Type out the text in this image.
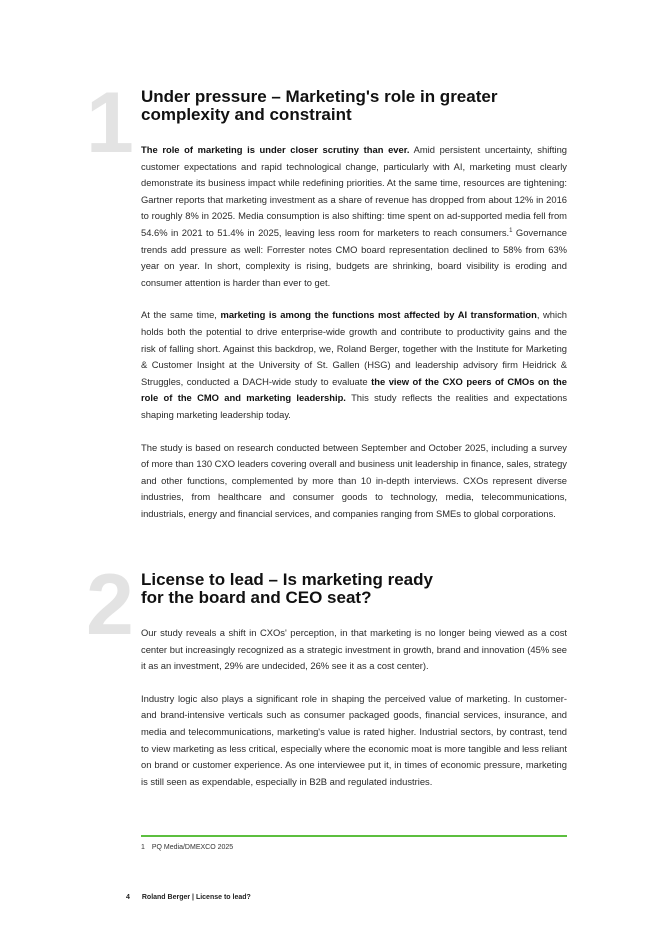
1 Under pressure – Marketing's role in greater
complexity and constraint

The role of marketing is under closer scrutiny than ever. Amid persistent uncertainty, shifting customer expectations and rapid technological change, particularly with AI, marketing must clearly demonstrate its business impact while redefining priorities. At the same time, resources are tightening: Gartner reports that marketing investment as a share of revenue has dropped from about 12% in 2016 to roughly 8% in 2025. Media consumption is also shifting: time spent on ad-supported media fell from 54.6% in 2021 to 51.4% in 2025, leaving less room for marketers to reach consumers.$^1$ Governance trends add pressure as well: Forrester notes CMO board representation declined to 58% from 63% year on year. In short, complexity is rising, budgets are shrinking, board visibility is eroding and consumer attention is harder than ever to get.

At the same time, marketing is among the functions most affected by AI transformation, which holds both the potential to drive enterprise-wide growth and contribute to productivity gains and the risk of falling short. Against this backdrop, we, Roland Berger, together with the Institute for Marketing & Customer Insight at the University of St. Gallen (HSG) and leadership advisory firm Heidrick & Struggles, conducted a DACH-wide study to evaluate the view of the CXO peers of CMOs on the role of the CMO and marketing leadership. This study reflects the realities and expectations shaping marketing leadership today.

The study is based on research conducted between September and October 2025, including a survey of more than 130 CXO leaders covering overall and business unit leadership in finance, sales, strategy and other functions, complemented by more than 10 in-depth interviews. CXOs represent diverse industries, from healthcare and consumer goods to technology, media, telecommunications, industrials, energy and financial services, and companies ranging from SMEs to global corporations.

2 License to lead – Is marketing ready
for the board and CEO seat?

Our study reveals a shift in CXOs' perception, in that marketing is no longer being viewed as a cost center but increasingly recognized as a strategic investment in growth, brand and innovation (45% see it as an investment, 29% are undecided, 26% see it as a cost center).

Industry logic also plays a significant role in shaping the perceived value of marketing. In customer- and brand-intensive verticals such as consumer packaged goods, financial services, insurance, and media and telecommunications, marketing's value is rated higher. Industrial sectors, by contrast, tend to view marketing as less critical, especially where the economic moat is more tangible and less reliant on brand or customer experience. As one interviewee put it, in times of economic pressure, marketing is still seen as expendable, especially in B2B and regulated industries.

1 PQ Media/DMEXCO 2025
4 Roland Berger | License to lead?
